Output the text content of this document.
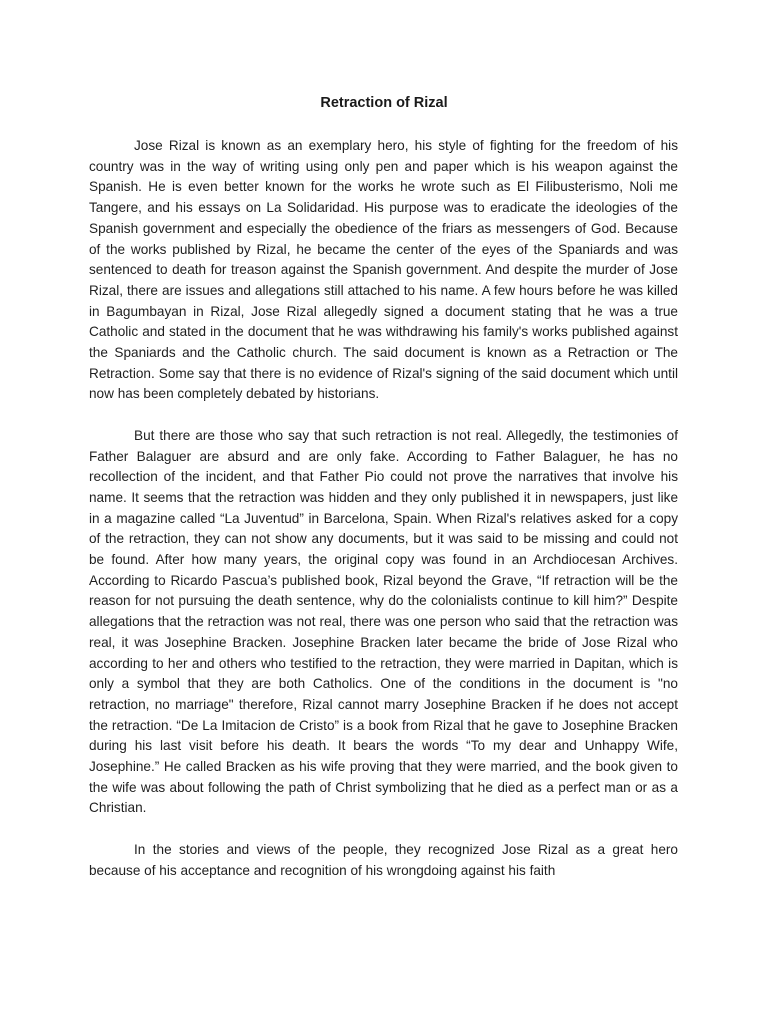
Retraction of Rizal

Jose Rizal is known as an exemplary hero, his style of fighting for the freedom of his country was in the way of writing using only pen and paper which is his weapon against the Spanish. He is even better known for the works he wrote such as El Filibusterismo, Noli me Tangere, and his essays on La Solidaridad. His purpose was to eradicate the ideologies of the Spanish government and especially the obedience of the friars as messengers of God. Because of the works published by Rizal, he became the center of the eyes of the Spaniards and was sentenced to death for treason against the Spanish government. And despite the murder of Jose Rizal, there are issues and allegations still attached to his name. A few hours before he was killed in Bagumbayan in Rizal, Jose Rizal allegedly signed a document stating that he was a true Catholic and stated in the document that he was withdrawing his family's works published against the Spaniards and the Catholic church. The said document is known as a Retraction or The Retraction. Some say that there is no evidence of Rizal's signing of the said document which until now has been completely debated by historians.

But there are those who say that such retraction is not real. Allegedly, the testimonies of Father Balaguer are absurd and are only fake. According to Father Balaguer, he has no recollection of the incident, and that Father Pio could not prove the narratives that involve his name. It seems that the retraction was hidden and they only published it in newspapers, just like in a magazine called “La Juventud” in Barcelona, Spain. When Rizal's relatives asked for a copy of the retraction, they can not show any documents, but it was said to be missing and could not be found. After how many years, the original copy was found in an Archdiocesan Archives. According to Ricardo Pascua’s published book, Rizal beyond the Grave, “If retraction will be the reason for not pursuing the death sentence, why do the colonialists continue to kill him?” Despite allegations that the retraction was not real, there was one person who said that the retraction was real, it was Josephine Bracken. Josephine Bracken later became the bride of Jose Rizal who according to her and others who testified to the retraction, they were married in Dapitan, which is only a symbol that they are both Catholics. One of the conditions in the document is "no retraction, no marriage" therefore, Rizal cannot marry Josephine Bracken if he does not accept the retraction. “De La Imitacion de Cristo” is a book from Rizal that he gave to Josephine Bracken during his last visit before his death. It bears the words “To my dear and Unhappy Wife, Josephine.” He called Bracken as his wife proving that they were married, and the book given to the wife was about following the path of Christ symbolizing that he died as a perfect man or as a Christian.

In the stories and views of the people, they recognized Jose Rizal as a great hero because of his acceptance and recognition of his wrongdoing against his faith
